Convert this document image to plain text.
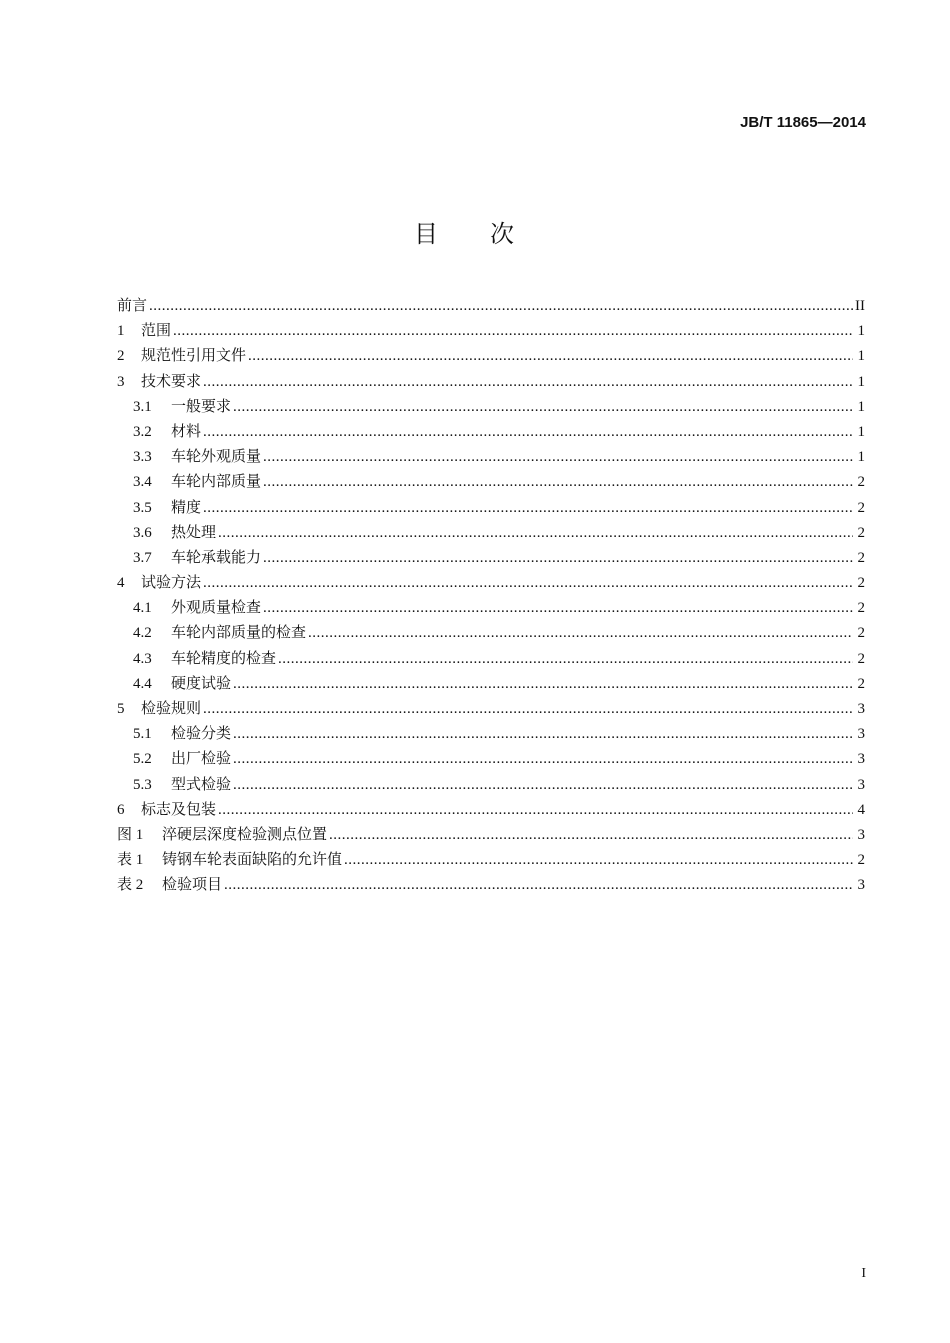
JB/T 11865—2014
目次
前言 .....	II
1	范围 .....	1
2	规范性引用文件 .....	1
3	技术要求 .....	1
3.1	一般要求 .....	1
3.2	材料 .....	1
3.3	车轮外观质量 .....	1
3.4	车轮内部质量 .....	2
3.5	精度 .....	2
3.6	热处理 .....	2
3.7	车轮承载能力 .....	2
4	试验方法 .....	2
4.1	外观质量检查 .....	2
4.2	车轮内部质量的检查 .....	2
4.3	车轮精度的检查 .....	2
4.4	硬度试验 .....	2
5	检验规则 .....	3
5.1	检验分类 .....	3
5.2	出厂检验 .....	3
5.3	型式检验 .....	3
6	标志及包装 .....	4
图 1	淬硬层深度检验测点位置 .....	3
表 1	铸钢车轮表面缺陷的允许值 .....	2
表 2	检验项目 .....	3
I
